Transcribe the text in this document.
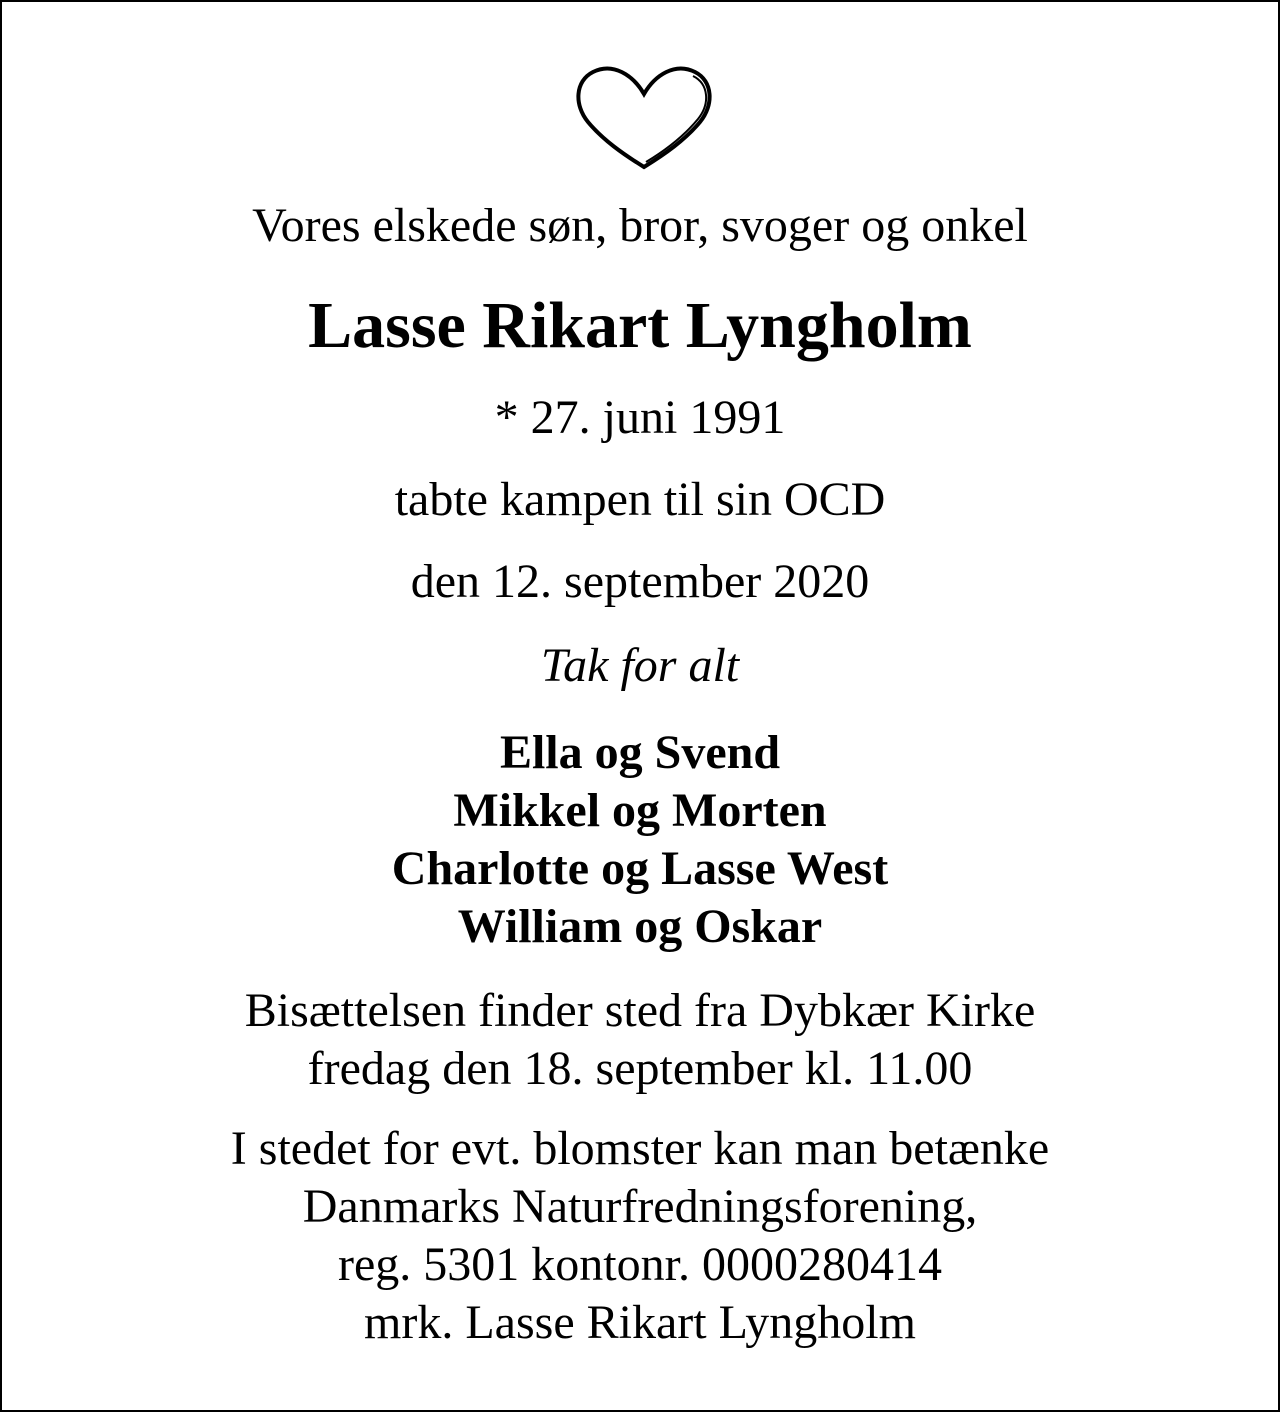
Vores elskede søn, bror, svoger og onkel
Lasse Rikart Lyngholm
* 27. juni 1991
tabte kampen til sin OCD
den 12. september 2020
Tak for alt
Ella og Svend
Mikkel og Morten
Charlotte og Lasse West
William og Oskar
Bisættelsen finder sted fra Dybkær Kirke
fredag den 18. september kl. 11.00
I stedet for evt. blomster kan man betænke
Danmarks Naturfredningsforening,
reg. 5301 kontonr. 0000280414
mrk. Lasse Rikart Lyngholm
